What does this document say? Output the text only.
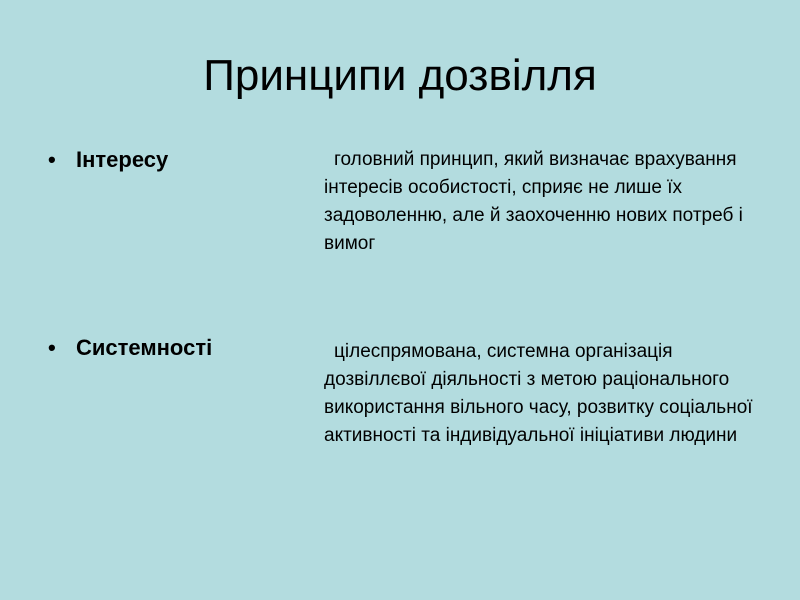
Принципи дозвілля
• Інтересу	головний принцип, який визначає врахування інтересів особистості, сприяє не лише їх задоволенню, але й заохоченню нових потреб і вимог

• Системності	цілеспрямована, системна організація дозвіллєвої діяльності з метою раціонального використання вільного часу, розвитку соціальної активності та індивідуальної ініціативи людини
